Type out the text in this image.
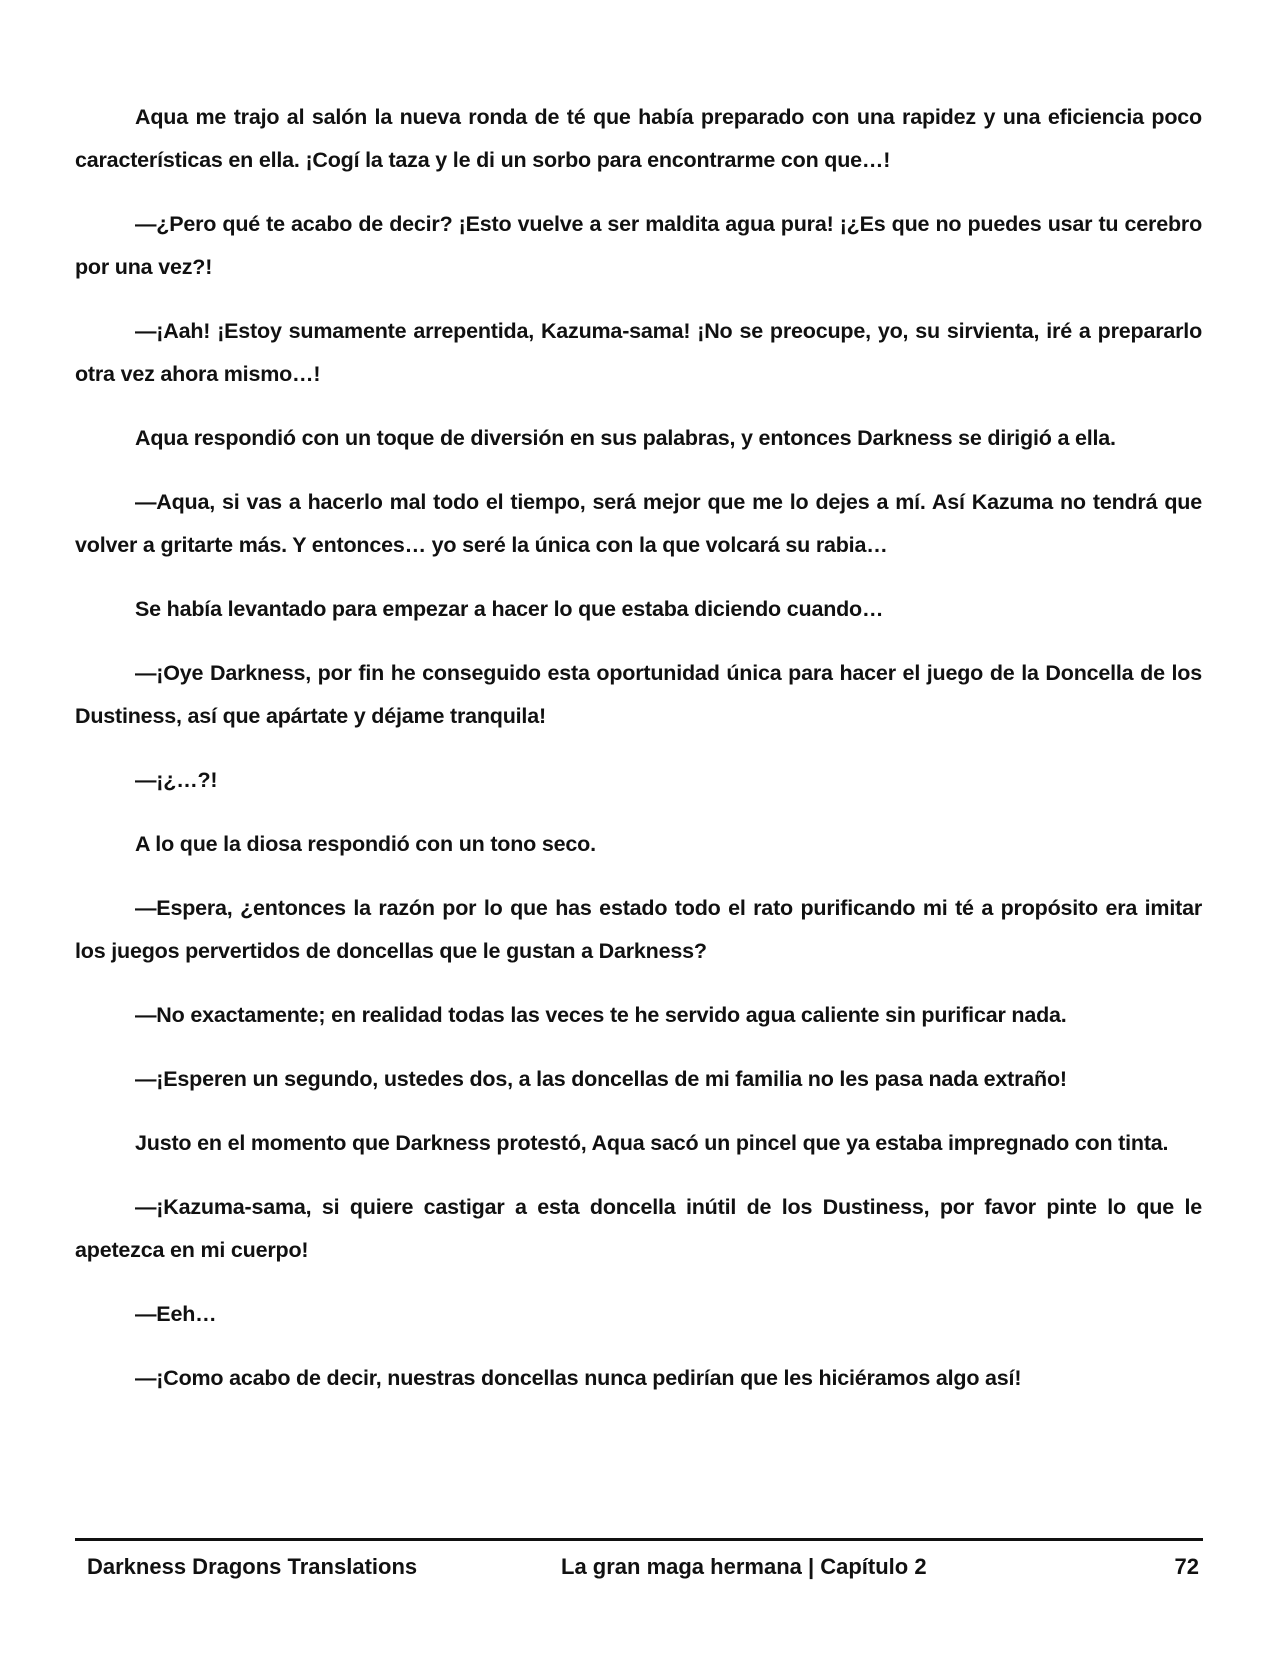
Aqua me trajo al salón la nueva ronda de té que había preparado con una rapidez y una eficiencia poco características en ella. ¡Cogí la taza y le di un sorbo para encontrarme con que…!

—¿Pero qué te acabo de decir? ¡Esto vuelve a ser maldita agua pura! ¡¿Es que no puedes usar tu cerebro por una vez?!

—¡Aah! ¡Estoy sumamente arrepentida, Kazuma-sama! ¡No se preocupe, yo, su sirvienta, iré a prepararlo otra vez ahora mismo…!

Aqua respondió con un toque de diversión en sus palabras, y entonces Darkness se dirigió a ella.

—Aqua, si vas a hacerlo mal todo el tiempo, será mejor que me lo dejes a mí. Así Kazuma no tendrá que volver a gritarte más. Y entonces… yo seré la única con la que volcará su rabia…

Se había levantado para empezar a hacer lo que estaba diciendo cuando…

—¡Oye Darkness, por fin he conseguido esta oportunidad única para hacer el juego de la Doncella de los Dustiness, así que apártate y déjame tranquila!

—¡¿…?!

A lo que la diosa respondió con un tono seco.

—Espera, ¿entonces la razón por lo que has estado todo el rato purificando mi té a propósito era imitar los juegos pervertidos de doncellas que le gustan a Darkness?

—No exactamente; en realidad todas las veces te he servido agua caliente sin purificar nada.

—¡Esperen un segundo, ustedes dos, a las doncellas de mi familia no les pasa nada extraño!

Justo en el momento que Darkness protestó, Aqua sacó un pincel que ya estaba impregnado con tinta.

—¡Kazuma-sama, si quiere castigar a esta doncella inútil de los Dustiness, por favor pinte lo que le apetezca en mi cuerpo!

—Eeh…

—¡Como acabo de decir, nuestras doncellas nunca pedirían que les hiciéramos algo así!

Darkness Dragons Translations	La gran maga hermana | Capítulo 2	72
